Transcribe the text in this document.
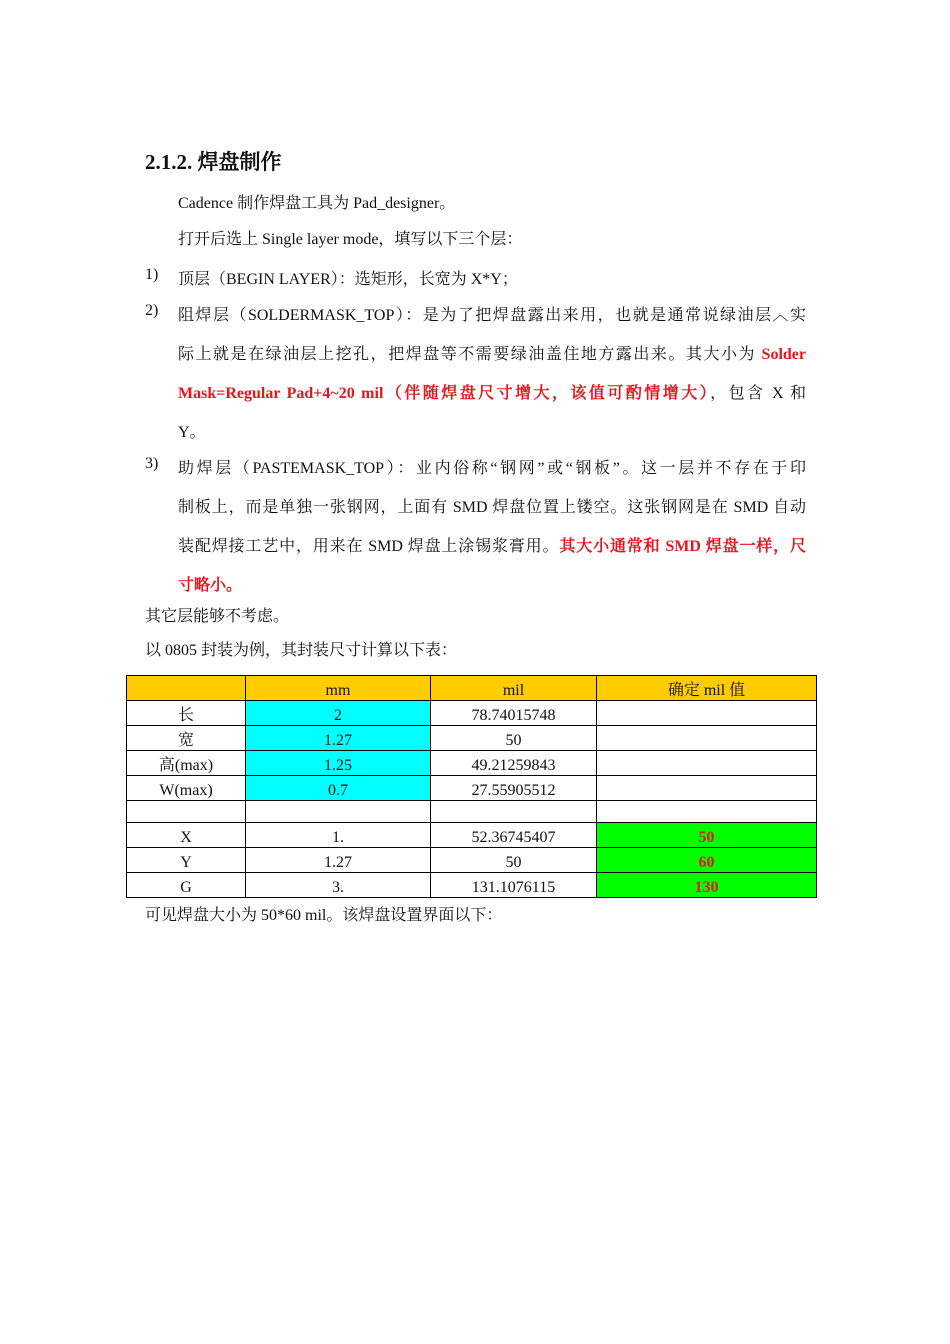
2.1.2. 焊盘制作
Cadence 制作焊盘工具为 Pad_designer。
打开后选上 Single layer mode，填写以下三个层：
1) 顶层（BEGIN LAYER）：选矩形，长宽为 X*Y；
2) 阻焊层（SOLDERMASK_TOP）：是为了把焊盘露出来用，也就是通常说绿油层︿实
际上就是在绿油层上挖孔，把焊盘等不需要绿油盖住地方露出来。其大小为 Solder
Mask=Regular Pad+4~20 mil（伴随焊盘尺寸增大，该值可酌情增大），包含 X 和
Y。
3) 助焊层（PASTEMASK_TOP）：业内俗称“钢网”或“钢板”。这一层并不存在于印
制板上，而是单独一张钢网，上面有 SMD 焊盘位置上镂空。这张钢网是在 SMD 自动
装配焊接工艺中，用来在 SMD 焊盘上涂锡浆膏用。其大小通常和 SMD 焊盘一样，尺
寸略小。
其它层能够不考虑。
以 0805 封装为例，其封装尺寸计算以下表：
	mm	mil	确定 mil 值
长	2	78.74015748	
宽	1.27	50	
高(max)	1.25	49.21259843	
W(max)	0.7	27.55905512	

X	1.	52.36745407	50
Y	1.27	50	60
G	3.	131.1076115	130
可见焊盘大小为 50*60 mil。该焊盘设置界面以下：
